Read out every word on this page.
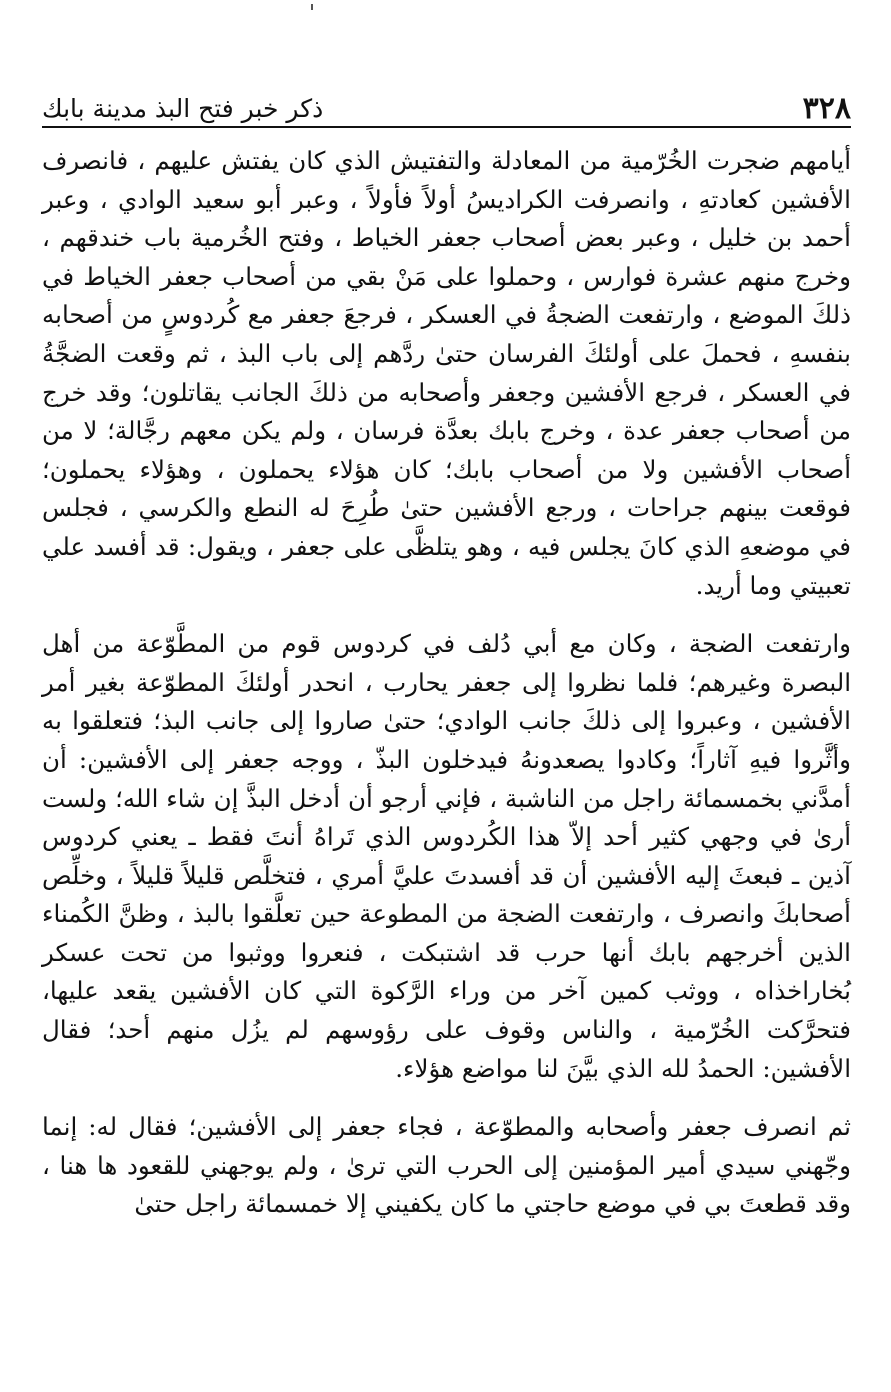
٣٢٨
ذكر خبر فتح البذ مدينة بابك

أيامهم ضجرت الخُرّمية من المعادلة والتفتيش الذي كان يفتش عليهم ، فانصرف الأفشين كعادتهِ ، وانصرفت الكراديسُ أولاً فأولاً ، وعبر أبو سعيد الوادي ، وعبر أحمد بن خليل ، وعبر بعض أصحاب جعفر الخياط ، وفتح الخُرمية باب خندقهم ، وخرج منهم عشرة فوارس ، وحملوا على مَنْ بقي من أصحاب جعفر الخياط في ذلكَ الموضع ، وارتفعت الضجةُ في العسكر ، فرجعَ جعفر مع كُردوسٍ من أصحابه بنفسهِ ، فحملَ على أولئكَ الفرسان حتىٰ ردَّهم إلى باب البذ ، ثم وقعت الضجَّةُ في العسكر ، فرجع الأفشين وجعفر وأصحابه من ذلكَ الجانب يقاتلون؛ وقد خرج من أصحاب جعفر عدة ، وخرج بابك بعدَّة فرسان ، ولم يكن معهم رجَّالة؛ لا من أصحاب الأفشين ولا من أصحاب بابك؛ كان هؤلاء يحملون ، وهؤلاء يحملون؛ فوقعت بينهم جراحات ، ورجع الأفشين حتىٰ طُرِحَ له النطع والكرسي ، فجلس في موضعهِ الذي كانَ يجلس فيه ، وهو يتلظَّى على جعفر ، ويقول: قد أفسد علي تعبيتي وما أريد.

وارتفعت الضجة ، وكان مع أبي دُلف في كردوس قوم من المطَّوّعة من أهل البصرة وغيرهم؛ فلما نظروا إلى جعفر يحارب ، انحدر أولئكَ المطوّعة بغير أمر الأفشين ، وعبروا إلى ذلكَ جانب الوادي؛ حتىٰ صاروا إلى جانب البذ؛ فتعلقوا به وأثَّروا فيهِ آثاراً؛ وكادوا يصعدونهُ فيدخلون البذّ ، ووجه جعفر إلى الأفشين: أن أمدَّني بخمسمائة راجل من الناشبة ، فإني أرجو أن أدخل البذَّ إن شاء الله؛ ولست أرىٰ في وجهي كثير أحد إلاّ هذا الكُردوس الذي تَراهُ أنتَ فقط ـ يعني كردوس آذين ـ فبعثَ إليه الأفشين أن قد أفسدتَ عليَّ أمري ، فتخلَّص قليلاً قليلاً ، وخلِّص أصحابكَ وانصرف ، وارتفعت الضجة من المطوعة حين تعلَّقوا بالبذ ، وظنَّ الكُمناء الذين أخرجهم بابك أنها حرب قد اشتبكت ، فنعروا ووثبوا من تحت عسكر بُخاراخذاه ، ووثب كمين آخر من وراء الرَّكوة التي كان الأفشين يقعد عليها، فتحرَّكت الخُرّمية ، والناس وقوف على رؤوسهم لم يزُل منهم أحد؛ فقال الأفشين: الحمدُ لله الذي بيَّنَ لنا مواضع هؤلاء.

ثم انصرف جعفر وأصحابه والمطوّعة ، فجاء جعفر إلى الأفشين؛ فقال له: إنما وجّهني سيدي أمير المؤمنين إلى الحرب التي ترىٰ ، ولم يوجهني للقعود ها هنا ، وقد قطعتَ بي في موضع حاجتي ما كان يكفيني إلا خمسمائة راجل حتىٰ
